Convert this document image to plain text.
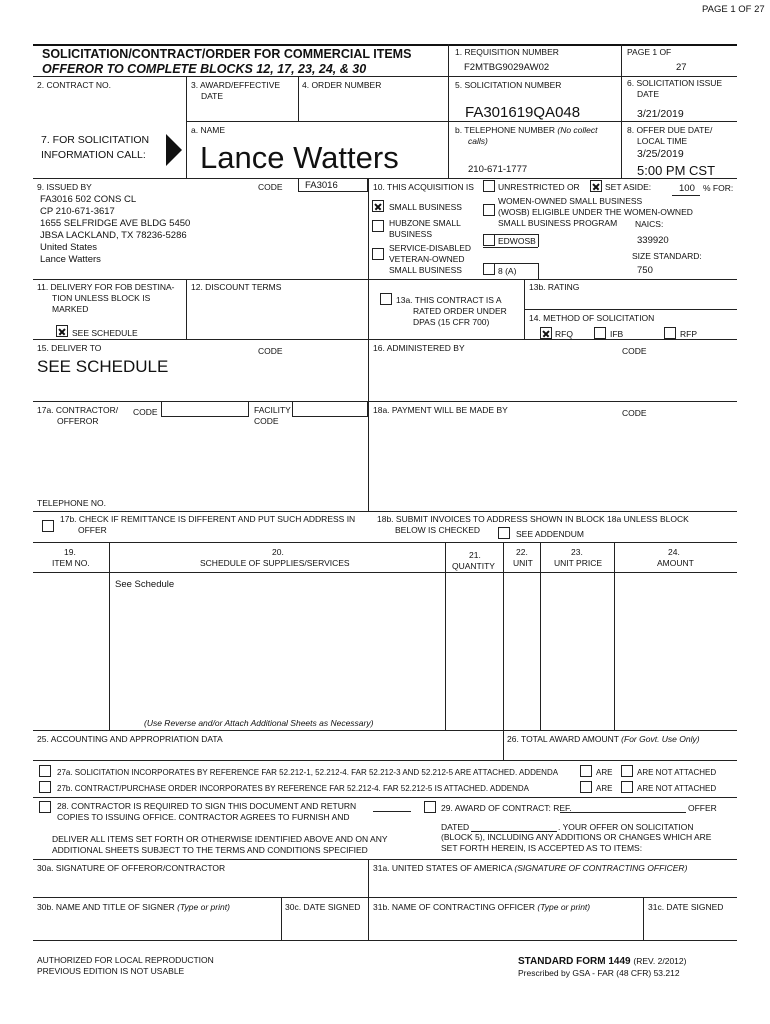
PAGE 1 OF 27
SOLICITATION/CONTRACT/ORDER FOR COMMERCIAL ITEMS
OFFEROR TO COMPLETE BLOCKS 12, 17, 23, 24, & 30
1. REQUISITION NUMBER
F2MTBG9029AW02
PAGE 1 OF
27
2. CONTRACT NO.	3. AWARD/EFFECTIVE
DATE
4. ORDER NUMBER	5. SOLICITATION NUMBER
FA301619QA048
6. SOLICITATION ISSUE
DATE
3/21/2019
7. FOR SOLICITATION
INFORMATION CALL:
a. NAME
Lance Watters
b. TELEPHONE NUMBER (No collect
calls)
210-671-1777
8. OFFER DUE DATE/
LOCAL TIME
3/25/2019
5:00 PM CST
9. ISSUED BY	CODE FA3016
FA3016 502 CONS CL
CP 210-671-3617
1655 SELFRIDGE AVE BLDG 5450
JBSA LACKLAND, TX 78236-5286
United States
Lance Watters
10. THIS ACQUISITION IS	UNRESTRICTED OR	SET ASIDE:	100 % FOR:
SMALL BUSINESS
HUBZONE SMALL
BUSINESS
SERVICE-DISABLED
VETERAN-OWNED
SMALL BUSINESS
WOMEN-OWNED SMALL BUSINESS
(WOSB) ELIGIBLE UNDER THE WOMEN-OWNED
SMALL BUSINESS PROGRAM NAICS:
EDWOSB	339920
SIZE STANDARD:
8 (A)	750
11. DELIVERY FOR FOB DESTINA-
TION UNLESS BLOCK IS
MARKED
SEE SCHEDULE
12. DISCOUNT TERMS
13a. THIS CONTRACT IS A
RATED ORDER UNDER
DPAS (15 CFR 700)
13b. RATING
14. METHOD OF SOLICITATION
RFQ	IFB	RFP
15. DELIVER TO	CODE
SEE SCHEDULE
16. ADMINISTERED BY	CODE
17a. CONTRACTOR/
OFFEROR
CODE	FACILITY
CODE
18a. PAYMENT WILL BE MADE BY	CODE
TELEPHONE NO.
17b. CHECK IF REMITTANCE IS DIFFERENT AND PUT SUCH ADDRESS IN
OFFER
18b. SUBMIT INVOICES TO ADDRESS SHOWN IN BLOCK 18a UNLESS BLOCK
BELOW IS CHECKED	SEE ADDENDUM
19.
ITEM NO.
20.
SCHEDULE OF SUPPLIES/SERVICES
21.
QUANTITY
22.
UNIT
23.
UNIT PRICE
24.
AMOUNT
See Schedule
(Use Reverse and/or Attach Additional Sheets as Necessary)
25. ACCOUNTING AND APPROPRIATION DATA	26. TOTAL AWARD AMOUNT (For Govt. Use Only)
27a. SOLICITATION INCORPORATES BY REFERENCE FAR 52.212-1, 52.212-4. FAR 52.212-3 AND 52.212-5 ARE ATTACHED. ADDENDA	ARE	ARE NOT ATTACHED
27b. CONTRACT/PURCHASE ORDER INCORPORATES BY REFERENCE FAR 52.212-4. FAR 52.212-5 IS ATTACHED. ADDENDA	ARE	ARE NOT ATTACHED
28. CONTRACTOR IS REQUIRED TO SIGN THIS DOCUMENT AND RETURN
COPIES TO ISSUING OFFICE. CONTRACTOR AGREES TO FURNISH AND
DELIVER ALL ITEMS SET FORTH OR OTHERWISE IDENTIFIED ABOVE AND ON ANY
ADDITIONAL SHEETS SUBJECT TO THE TERMS AND CONDITIONS SPECIFIED
29. AWARD OF CONTRACT: REF.	OFFER
DATED	. YOUR OFFER ON SOLICITATION
(BLOCK 5), INCLUDING ANY ADDITIONS OR CHANGES WHICH ARE
SET FORTH HEREIN, IS ACCEPTED AS TO ITEMS:
30a. SIGNATURE OF OFFEROR/CONTRACTOR	31a. UNITED STATES OF AMERICA (SIGNATURE OF CONTRACTING OFFICER)
30b. NAME AND TITLE OF SIGNER (Type or print)	30c. DATE SIGNED 31b. NAME OF CONTRACTING OFFICER (Type or print)	31c. DATE SIGNED
AUTHORIZED FOR LOCAL REPRODUCTION
PREVIOUS EDITION IS NOT USABLE
STANDARD FORM 1449 (REV. 2/2012)
Prescribed by GSA - FAR (48 CFR) 53.212
